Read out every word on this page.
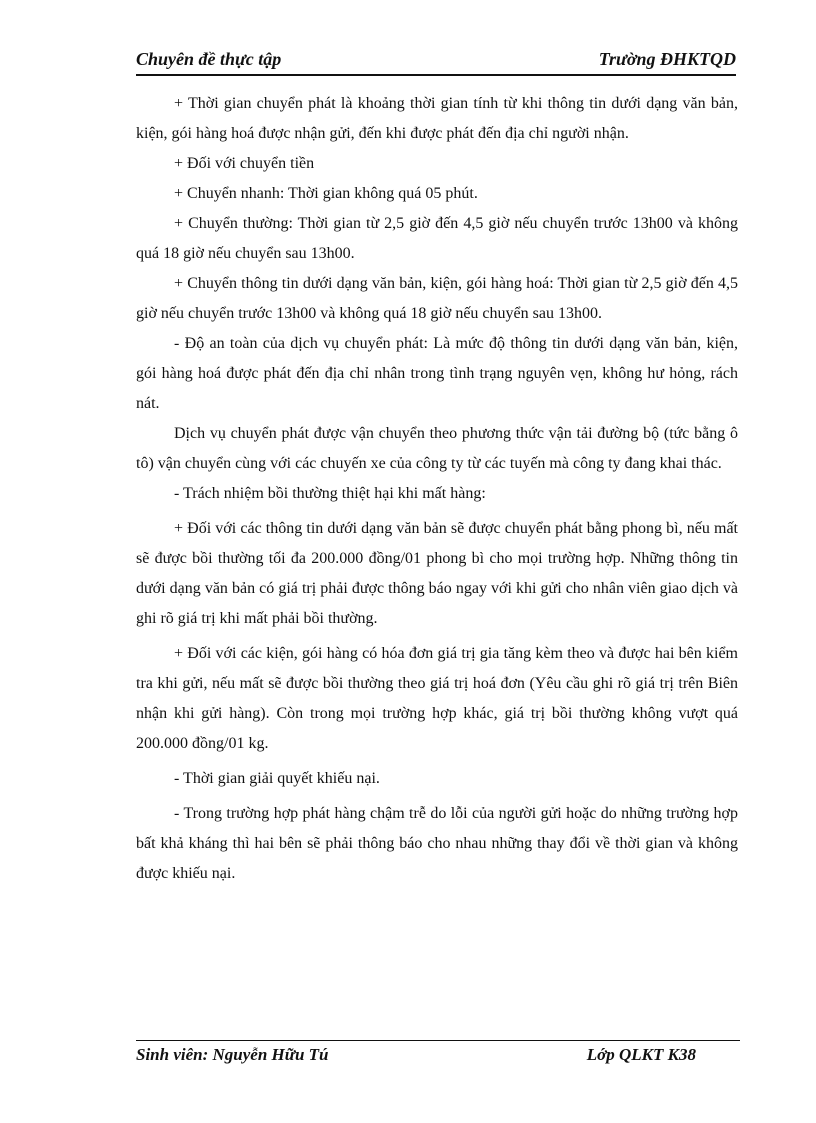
Chuyên đề thực tập	Trường ĐHKTQD

+ Thời gian chuyển phát là khoảng thời gian tính từ khi thông tin dưới dạng văn bản, kiện, gói hàng hoá được nhận gửi, đến khi được phát đến địa chỉ người nhận.

+ Đối với chuyển tiền

+ Chuyển nhanh: Thời gian không quá 05 phút.

+ Chuyển thường: Thời gian từ 2,5 giờ đến 4,5 giờ nếu chuyển trước 13h00 và không quá 18 giờ nếu chuyển sau 13h00.

+ Chuyển thông tin dưới dạng văn bản, kiện, gói hàng hoá: Thời gian từ 2,5 giờ đến 4,5 giờ nếu chuyển trước 13h00 và không quá 18 giờ nếu chuyển sau 13h00.

- Độ an toàn của dịch vụ chuyển phát: Là mức độ thông tin dưới dạng văn bản, kiện, gói hàng hoá được phát đến địa chỉ nhân trong tình trạng nguyên vẹn, không hư hỏng, rách nát.

Dịch vụ chuyển phát được vận chuyển theo phương thức vận tải đường bộ (tức bằng ô tô) vận chuyển cùng với các chuyến xe của công ty từ các tuyến mà công ty đang khai thác.

- Trách nhiệm bồi thường thiệt hại khi mất hàng:

+ Đối với các thông tin dưới dạng văn bản sẽ được chuyển phát bằng phong bì, nếu mất sẽ được bồi thường tối đa 200.000 đồng/01 phong bì cho mọi trường hợp. Những thông tin dưới dạng văn bản có giá trị phải được thông báo ngay với khi gửi cho nhân viên giao dịch và ghi rõ giá trị khi mất phải bồi thường.

+ Đối với các kiện, gói hàng có hóa đơn giá trị gia tăng kèm theo và được hai bên kiểm tra khi gửi, nếu mất sẽ được bồi thường theo giá trị hoá đơn (Yêu cầu ghi rõ giá trị trên Biên nhận khi gửi hàng). Còn trong mọi trường hợp khác, giá trị bồi thường không vượt quá 200.000 đồng/01 kg.

- Thời gian giải quyết khiếu nại.

- Trong trường hợp phát hàng chậm trễ do lỗi của người gửi hoặc do những trường hợp bất khả kháng thì hai bên sẽ phải thông báo cho nhau những thay đổi về thời gian và không được khiếu nại.

Sinh viên: Nguyễn Hữu Tú	Lớp QLKT K38
